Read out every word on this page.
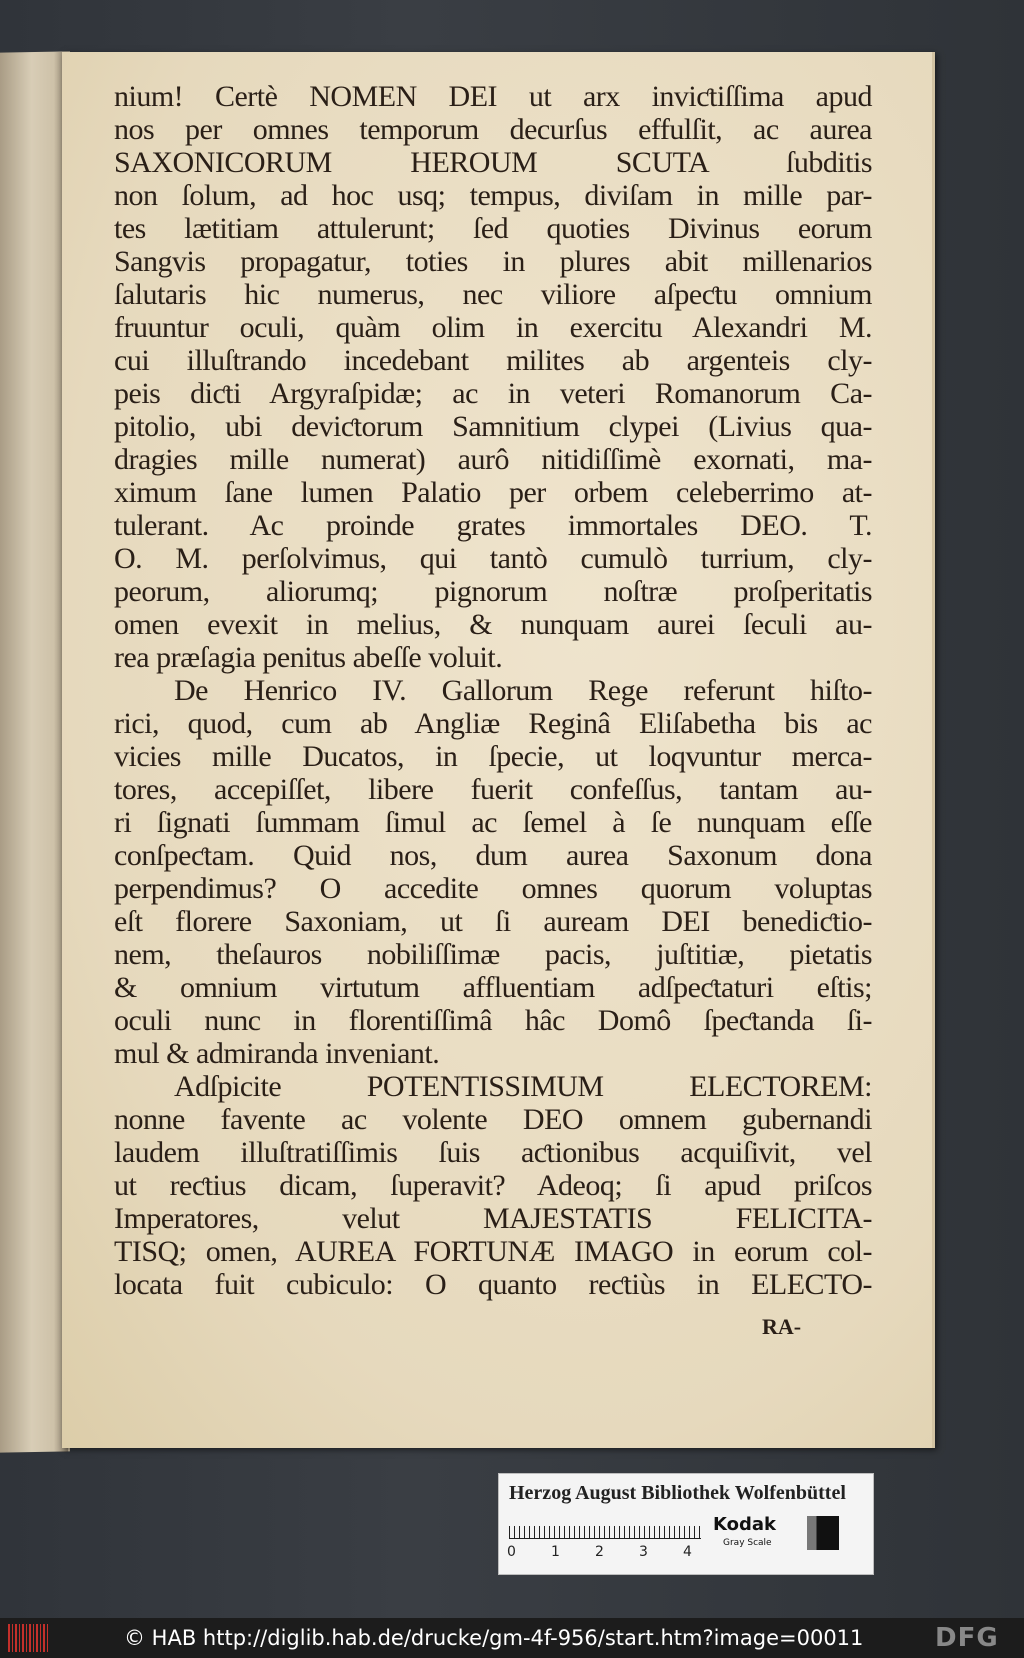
nium! Certè NOMEN DEI ut arx inviƈtiſſima apud
nos per omnes temporum decurſus effulſit, ac aurea
SAXONICORUM HEROUM SCUTA ſubditis
non ſolum, ad hoc usq; tempus, diviſam in mille par-
tes lætitiam attulerunt; ſed quoties Divinus eorum
Sangvis propagatur, toties in plures abit millenarios
ſalutaris hic numerus, nec viliore aſpeƈtu omnium
fruuntur oculi, quàm olim in exercitu Alexandri M.
cui illuſtrando incedebant milites ab argenteis cly-
peis diƈti Argyraſpidæ; ac in veteri Romanorum Ca-
pitolio, ubi deviƈtorum Samnitium clypei (Livius qua-
dragies mille numerat) aurô nitidiſſimè exornati, ma-
ximum ſane lumen Palatio per orbem celeberrimo at-
tulerant. Ac proinde grates immortales DEO. T.
O. M. perſolvimus, qui tantò cumulò turrium, cly-
peorum, aliorumq; pignorum noſtræ proſperitatis
omen evexit in melius, & nunquam aurei ſeculi au-
rea præſagia penitus abeſſe voluit.
De Henrico IV. Gallorum Rege referunt hiſto-
rici, quod, cum ab Angliæ Reginâ Eliſabetha bis ac
vicies mille Ducatos, in ſpecie, ut loqvuntur merca-
tores, accepiſſet, libere fuerit confeſſus, tantam au-
ri ſignati ſummam ſimul ac ſemel à ſe nunquam eſſe
conſpeƈtam. Quid nos, dum aurea Saxonum dona
perpendimus? O accedite omnes quorum voluptas
eſt florere Saxoniam, ut ſi auream DEI benediƈtio-
nem, theſauros nobiliſſimæ pacis, juſtitiæ, pietatis
& omnium virtutum affluentiam adſpeƈtaturi eſtis;
oculi nunc in florentiſſimâ hâc Domô ſpeƈtanda ſi-
mul & admiranda inveniant.
Adſpicite POTENTISSIMUM ELECTOREM:
nonne favente ac volente DEO omnem gubernandi
laudem illuſtratiſſimis ſuis aƈtionibus acquiſivit, vel
ut reƈtius dicam, ſuperavit? Adeoq; ſi apud priſcos
Imperatores, velut MAJESTATIS FELICITA-
TISQ; omen, AUREA FORTUNÆ IMAGO in eorum col-
locata fuit cubiculo: O quanto reƈtiùs in ELECTO-
RA-
Herzog August Bibliothek Wolfenbüttel
0	1	2	3	4
Kodak
Gray Scale
© HAB http://diglib.hab.de/drucke/gm-4f-956/start.htm?image=00011	DFG
